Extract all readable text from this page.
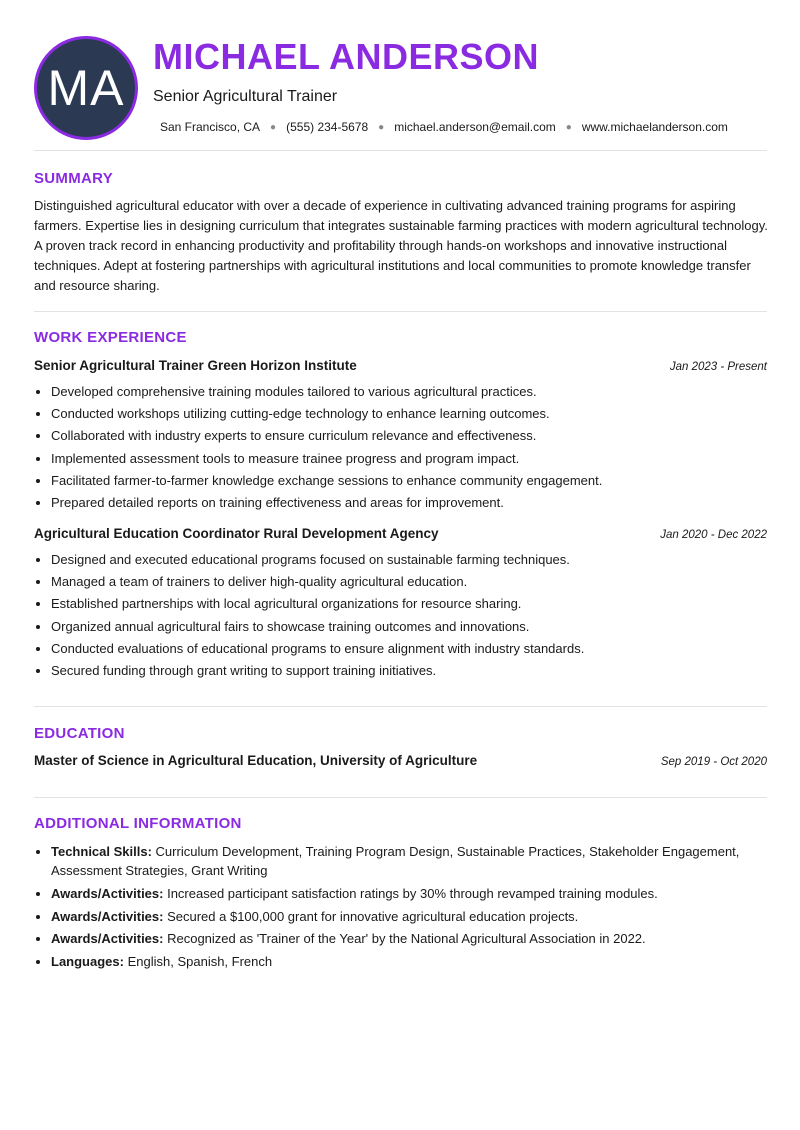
MA
MICHAEL ANDERSON
Senior Agricultural Trainer
San Francisco, CA ● (555) 234-5678 ● michael.anderson@email.com ● www.michaelanderson.com
SUMMARY

Distinguished agricultural educator with over a decade of experience in cultivating advanced training programs for aspiring farmers. Expertise lies in designing curriculum that integrates sustainable farming practices with modern agricultural technology. A proven track record in enhancing productivity and profitability through hands-on workshops and innovative instructional techniques. Adept at fostering partnerships with agricultural institutions and local communities to promote knowledge transfer and resource sharing.

WORK EXPERIENCE
Senior Agricultural Trainer Green Horizon Institute	Jan 2023 - Present
• Developed comprehensive training modules tailored to various agricultural practices.
• Conducted workshops utilizing cutting-edge technology to enhance learning outcomes.
• Collaborated with industry experts to ensure curriculum relevance and effectiveness.
• Implemented assessment tools to measure trainee progress and program impact.
• Facilitated farmer-to-farmer knowledge exchange sessions to enhance community engagement.
• Prepared detailed reports on training effectiveness and areas for improvement.
Agricultural Education Coordinator Rural Development Agency	Jan 2020 - Dec 2022
• Designed and executed educational programs focused on sustainable farming techniques.
• Managed a team of trainers to deliver high-quality agricultural education.
• Established partnerships with local agricultural organizations for resource sharing.
• Organized annual agricultural fairs to showcase training outcomes and innovations.
• Conducted evaluations of educational programs to ensure alignment with industry standards.
• Secured funding through grant writing to support training initiatives.
EDUCATION
Master of Science in Agricultural Education, University of Agriculture	Sep 2019 - Oct 2020
ADDITIONAL INFORMATION
• Technical Skills: Curriculum Development, Training Program Design, Sustainable Practices, Stakeholder Engagement, Assessment Strategies, Grant Writing
• Awards/Activities: Increased participant satisfaction ratings by 30% through revamped training modules.
• Awards/Activities: Secured a $100,000 grant for innovative agricultural education projects.
• Awards/Activities: Recognized as 'Trainer of the Year' by the National Agricultural Association in 2022.
• Languages: English, Spanish, French
